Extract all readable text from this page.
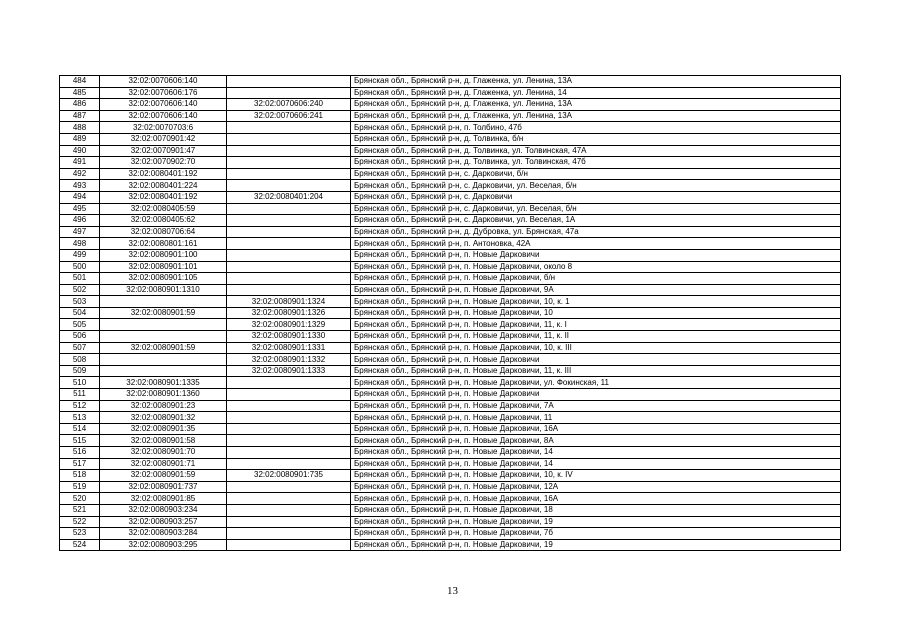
484	32:02:0070606:140		Брянская обл., Брянский р-н, д. Глаженка, ул. Ленина, 13А
485	32:02:0070606:176		Брянская обл., Брянский р-н, д. Глаженка, ул. Ленина, 14
486	32:02:0070606:140	32:02:0070606:240	Брянская обл., Брянский р-н, д. Глаженка, ул. Ленина, 13А
487	32:02:0070606:140	32:02:0070606:241	Брянская обл., Брянский р-н, д. Глаженка, ул. Ленина, 13А
488	32:02:0070703:6		Брянская обл., Брянский р-н, п. Толбино, 47б
489	32:02:0070901:42		Брянская обл., Брянский р-н, д. Толвинка, б/н
490	32:02:0070901:47		Брянская обл., Брянский р-н, д. Толвинка, ул. Толвинская, 47А
491	32:02:0070902:70		Брянская обл., Брянский р-н, д. Толвинка, ул. Толвинская, 47б
492	32:02:0080401:192		Брянская обл., Брянский р-н, с. Дарковичи, б/н
493	32:02:0080401:224		Брянская обл., Брянский р-н, с. Дарковичи, ул. Веселая, б/н
494	32:02:0080401:192	32:02:0080401:204	Брянская обл., Брянский р-н, с. Дарковичи
495	32:02:0080405:59		Брянская обл., Брянский р-н, с. Дарковичи, ул. Веселая, б/н
496	32:02:0080405:62		Брянская обл., Брянский р-н, с. Дарковичи, ул. Веселая, 1А
497	32:02:0080706:64		Брянская обл., Брянский р-н, д. Дубровка, ул. Брянская, 47а
498	32:02:0080801:161		Брянская обл., Брянский р-н, п. Антоновка, 42А
499	32:02:0080901:100		Брянская обл., Брянский р-н, п. Новые Дарковичи
500	32:02:0080901:101		Брянская обл., Брянский р-н, п. Новые Дарковичи, около 8
501	32:02:0080901:105		Брянская обл., Брянский р-н, п. Новые Дарковичи, б/н
502	32:02:0080901:1310		Брянская обл., Брянский р-н, п. Новые Дарковичи, 9А
503		32:02:0080901:1324	Брянская обл., Брянский р-н, п. Новые Дарковичи, 10, к. 1
504	32:02:0080901:59	32:02:0080901:1326	Брянская обл., Брянский р-н, п. Новые Дарковичи, 10
505		32:02:0080901:1329	Брянская обл., Брянский р-н, п. Новые Дарковичи, 11, к. I
506		32:02:0080901:1330	Брянская обл., Брянский р-н, п. Новые Дарковичи, 11, к. II
507	32:02:0080901:59	32:02:0080901:1331	Брянская обл., Брянский р-н, п. Новые Дарковичи, 10, к. III
508		32:02:0080901:1332	Брянская обл., Брянский р-н, п. Новые Дарковичи
509		32:02:0080901:1333	Брянская обл., Брянский р-н, п. Новые Дарковичи, 11, к. III
510	32:02:0080901:1335		Брянская обл., Брянский р-н, п. Новые Дарковичи, ул. Фокинская, 11
511	32:02:0080901:1360		Брянская обл., Брянский р-н, п. Новые Дарковичи
512	32:02:0080901:23		Брянская обл., Брянский р-н, п. Новые Дарковичи, 7А
513	32:02:0080901:32		Брянская обл., Брянский р-н, п. Новые Дарковичи, 11
514	32:02:0080901:35		Брянская обл., Брянский р-н, п. Новые Дарковичи, 16А
515	32:02:0080901:58		Брянская обл., Брянский р-н, п. Новые Дарковичи, 8А
516	32:02:0080901:70		Брянская обл., Брянский р-н, п. Новые Дарковичи, 14
517	32:02:0080901:71		Брянская обл., Брянский р-н, п. Новые Дарковичи, 14
518	32:02:0080901:59	32:02:0080901:735	Брянская обл., Брянский р-н, п. Новые Дарковичи, 10, к. IV
519	32:02:0080901:737		Брянская обл., Брянский р-н, п. Новые Дарковичи, 12А
520	32:02:0080901:85		Брянская обл., Брянский р-н, п. Новые Дарковичи, 16А
521	32:02:0080903:234		Брянская обл., Брянский р-н, п. Новые Дарковичи, 18
522	32:02:0080903:257		Брянская обл., Брянский р-н, п. Новые Дарковичи, 19
523	32:02:0080903:284		Брянская обл., Брянский р-н, п. Новые Дарковичи, 7б
524	32:02:0080903:295		Брянская обл., Брянский р-н, п. Новые Дарковичи, 19
13
